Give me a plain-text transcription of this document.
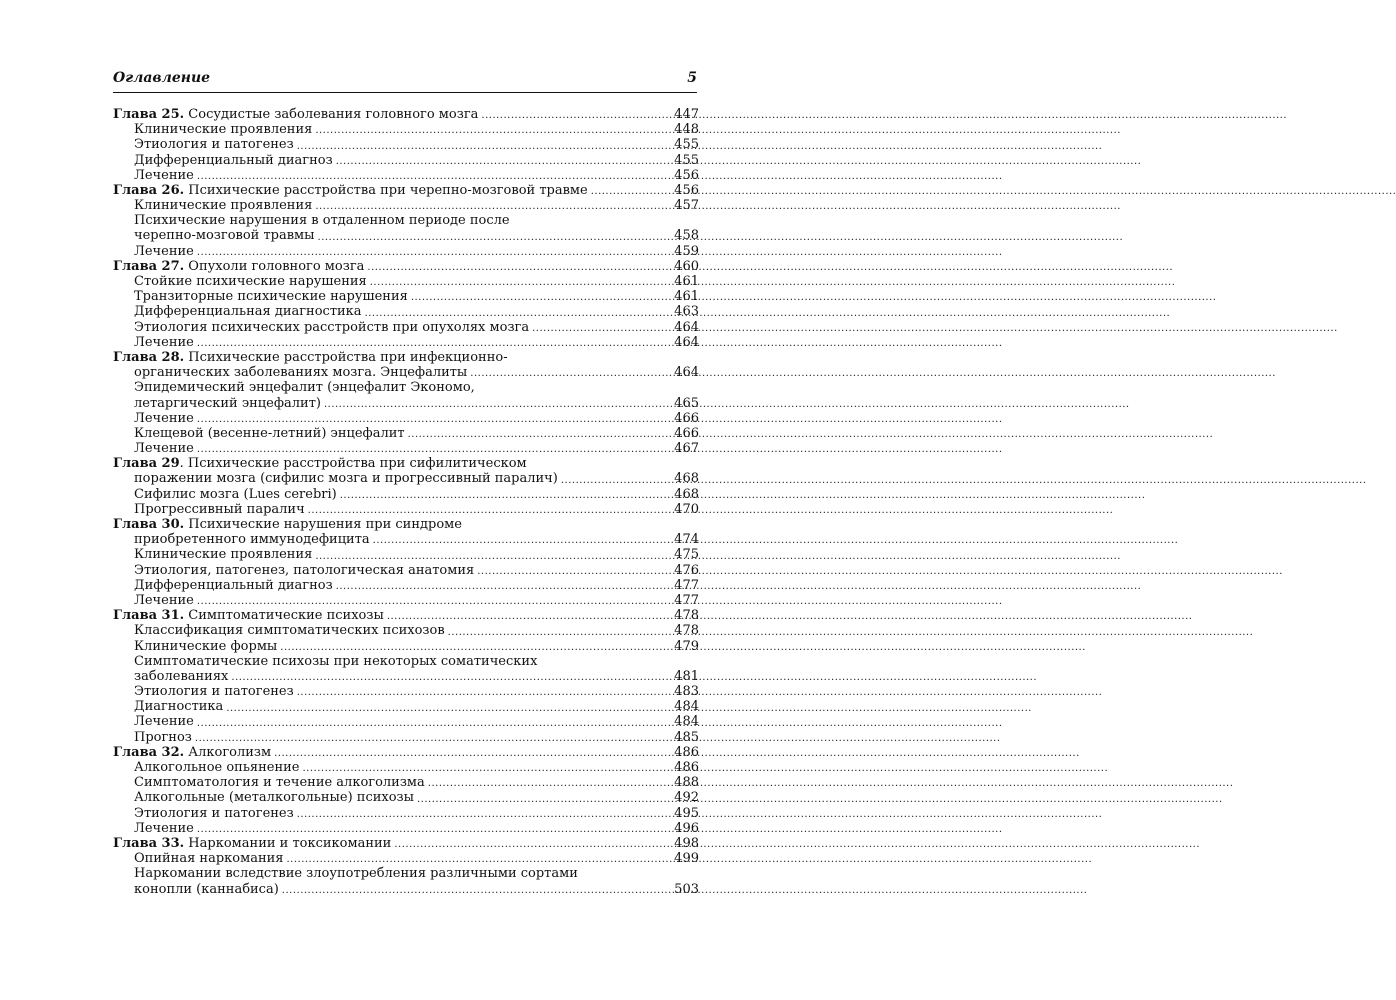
Оглавление	5
Глава 25. Сосудистые заболевания головного мозга .....	447
Клинические проявления .....	448
Этиология и патогенез .....	455
Дифференциальный диагноз .....	455
Лечение .....	456
Глава 26. Психические расстройства при черепно-мозговой травме .....	456
Клинические проявления .....	457
Психические нарушения в отдаленном периоде после
черепно-мозговой травмы .....	458
Лечение .....	459
Глава 27. Опухоли головного мозга .....	460
Стойкие психические нарушения .....	461
Транзиторные психические нарушения .....	461
Дифференциальная диагностика .....	463
Этиология психических расстройств при опухолях мозга .....	464
Лечение .....	464
Глава 28. Психические расстройства при инфекционно-
органических заболеваниях мозга. Энцефалиты .....	464
Эпидемический энцефалит (энцефалит Экономо,
летаргический энцефалит) .....	465
Лечение .....	466
Клещевой (весенне-летний) энцефалит .....	466
Лечение .....	467
Глава 29. Психические расстройства при сифилитическом
поражении мозга (сифилис мозга и прогрессивный паралич) .....	468
Сифилис мозга (Lues cerebri) .....	468
Прогрессивный паралич .....	470
Глава 30. Психические нарушения при синдроме
приобретенного иммунодефицита .....	474
Клинические проявления .....	475
Этиология, патогенез, патологическая анатомия .....	476
Дифференциальный диагноз .....	477
Лечение .....	477
Глава 31. Симптоматические психозы .....	478
Классификация симптоматических психозов .....	478
Клинические формы .....	479
Симптоматические психозы при некоторых соматических
заболеваниях .....	481
Этиология и патогенез .....	483
Диагностика .....	484
Лечение .....	484
Прогноз .....	485
Глава 32. Алкоголизм .....	486
Алкогольное опьянение .....	486
Симптоматология и течение алкоголизма .....	488
Алкогольные (металкогольные) психозы .....	492
Этиология и патогенез .....	495
Лечение .....	496
Глава 33. Наркомании и токсикомании .....	498
Опийная наркомания .....	499
Наркомании вследствие злоупотребления различными сортами
конопли (каннабиса) .....	503
